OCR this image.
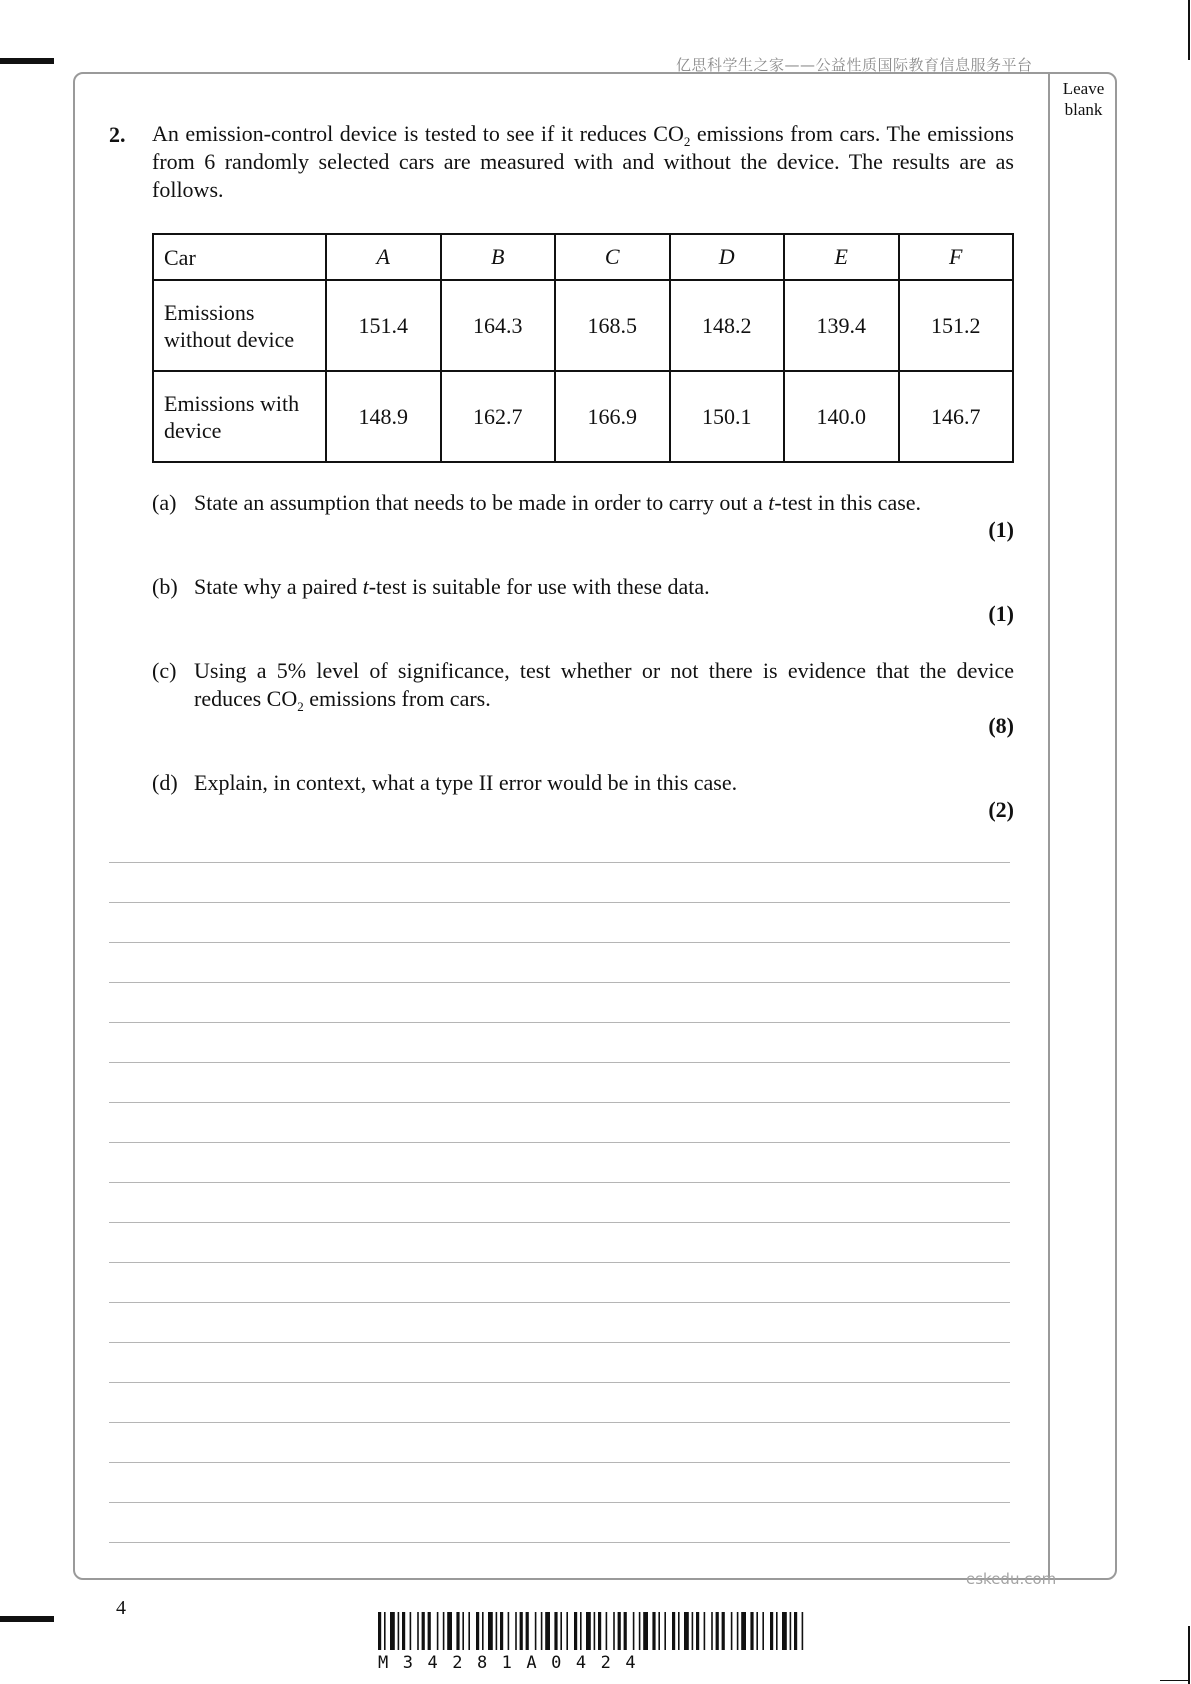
亿思科学生之家——公益性质国际教育信息服务平台
Leave blank
2. An emission-control device is tested to see if it reduces $CO_2$ emissions from cars. The emissions from 6 randomly selected cars are measured with and without the device. The results are as follows.
Car	A	B	C	D	E	F
Emissions without device	151.4	164.3	168.5	148.2	139.4	151.2
Emissions with device	148.9	162.7	166.9	150.1	140.0	146.7
(a) State an assumption that needs to be made in order to carry out a t-test in this case.
(1)
(b) State why a paired t-test is suitable for use with these data.
(1)
(c) Using a 5% level of significance, test whether or not there is evidence that the device reduces $CO_2$ emissions from cars.
(8)
(d) Explain, in context, what a type II error would be in this case.
(2)
eskedu.com
4
M34281A0424
